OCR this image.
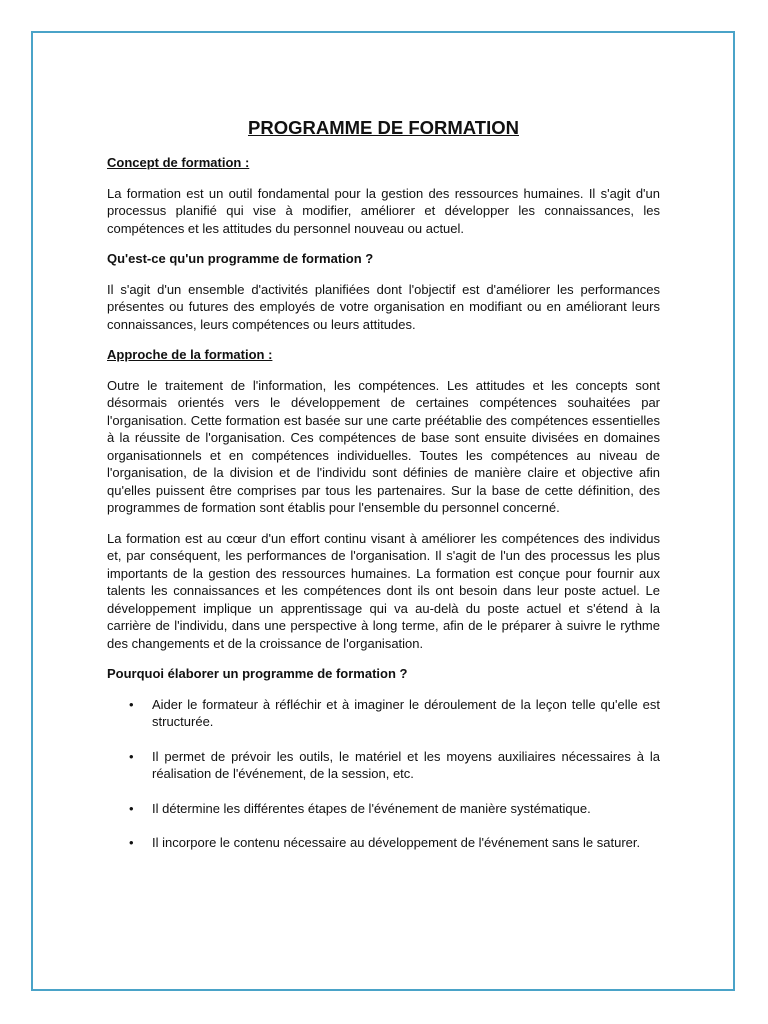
PROGRAMME DE FORMATION
Concept de formation :

La formation est un outil fondamental pour la gestion des ressources humaines. Il s'agit d'un processus planifié qui vise à modifier, améliorer et développer les connaissances, les compétences et les attitudes du personnel nouveau ou actuel.

Qu'est-ce qu'un programme de formation ?

Il s'agit d'un ensemble d'activités planifiées dont l'objectif est d'améliorer les performances présentes ou futures des employés de votre organisation en modifiant ou en améliorant leurs connaissances, leurs compétences ou leurs attitudes.

Approche de la formation :

Outre le traitement de l'information, les compétences. Les attitudes et les concepts sont désormais orientés vers le développement de certaines compétences souhaitées par l'organisation. Cette formation est basée sur une carte préétablie des compétences essentielles à la réussite de l'organisation. Ces compétences de base sont ensuite divisées en domaines organisationnels et en compétences individuelles. Toutes les compétences au niveau de l'organisation, de la division et de l'individu sont définies de manière claire et objective afin qu'elles puissent être comprises par tous les partenaires. Sur la base de cette définition, des programmes de formation sont établis pour l'ensemble du personnel concerné.

La formation est au cœur d'un effort continu visant à améliorer les compétences des individus et, par conséquent, les performances de l'organisation. Il s'agit de l'un des processus les plus importants de la gestion des ressources humaines. La formation est conçue pour fournir aux talents les connaissances et les compétences dont ils ont besoin dans leur poste actuel. Le développement implique un apprentissage qui va au-delà du poste actuel et s'étend à la carrière de l'individu, dans une perspective à long terme, afin de le préparer à suivre le rythme des changements et de la croissance de l'organisation.

Pourquoi élaborer un programme de formation ?
• Aider le formateur à réfléchir et à imaginer le déroulement de la leçon telle qu'elle est structurée.
• Il permet de prévoir les outils, le matériel et les moyens auxiliaires nécessaires à la réalisation de l'événement, de la session, etc.
• Il détermine les différentes étapes de l'événement de manière systématique.
• Il incorpore le contenu nécessaire au développement de l'événement sans le saturer.
